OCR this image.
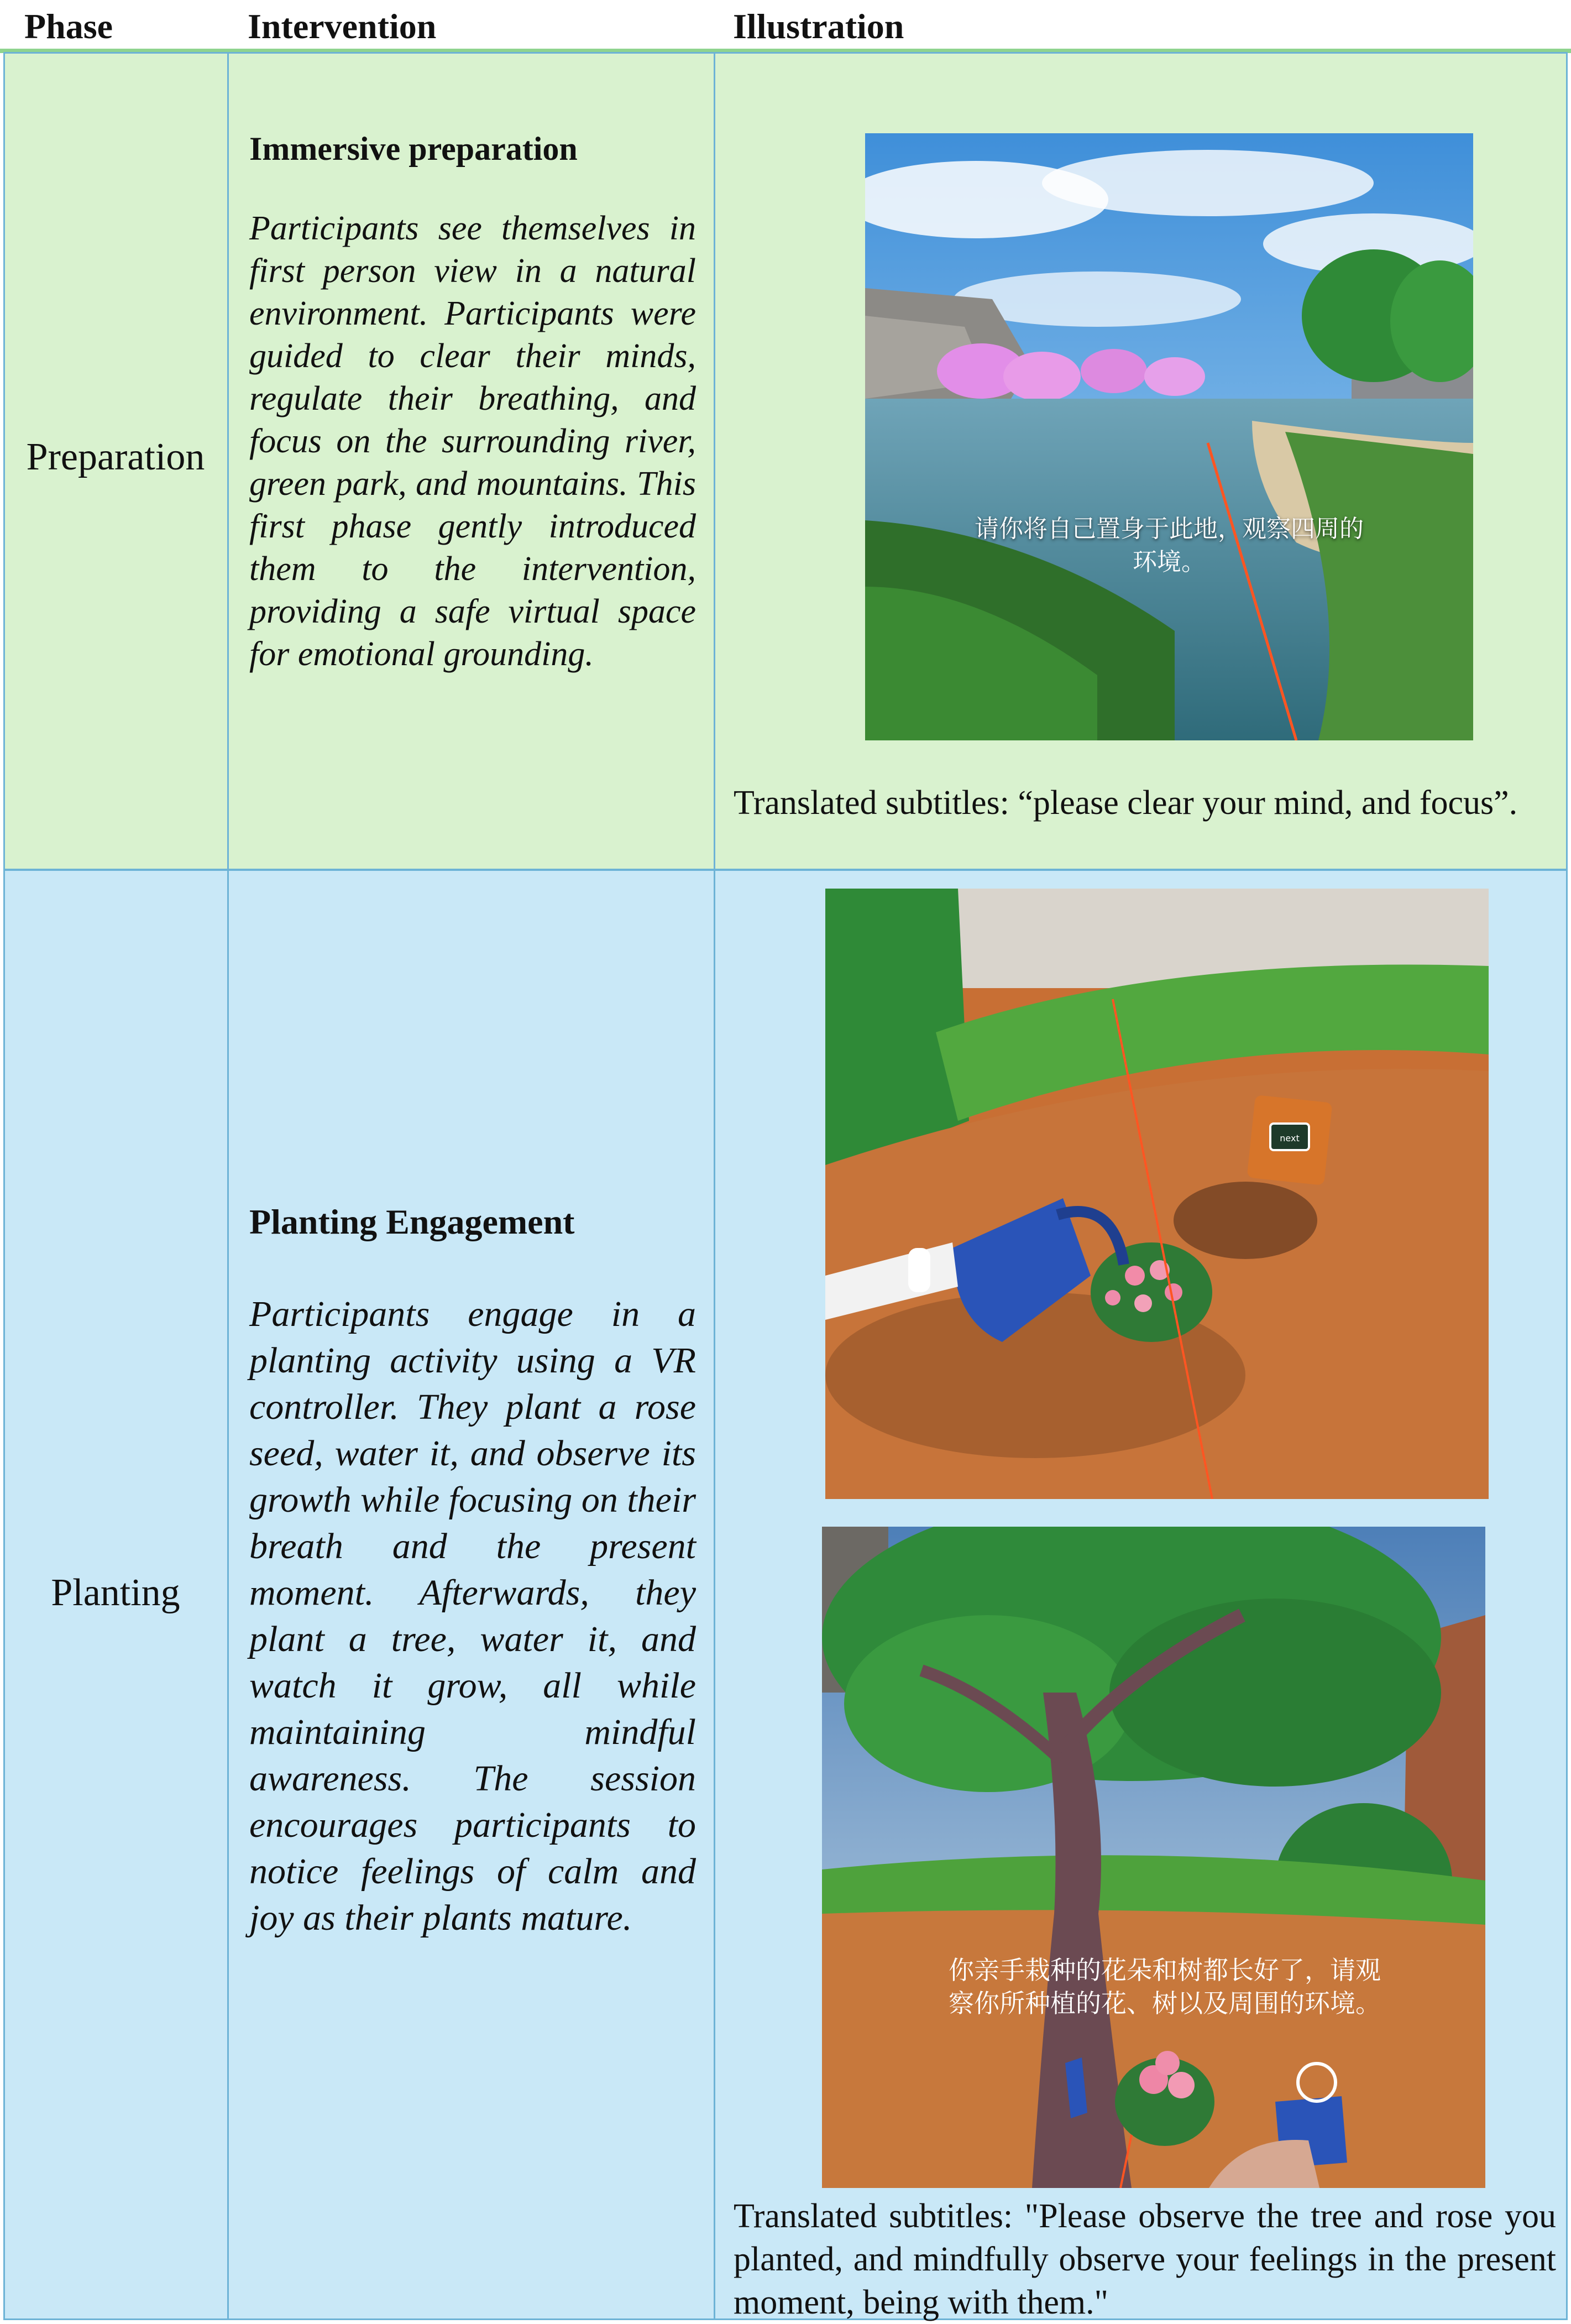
Phase	Intervention	Illustration
Preparation
Immersive preparation
Participants see themselves in first person view in a natural environment. Participants were guided to clear their minds, regulate their breathing, and focus on the surrounding river, green park, and mountains. This first phase gently introduced them to the intervention, providing a safe virtual space for emotional grounding.
请你将自己置身于此地，观察四周的
环境。
Translated subtitles: “please clear your mind, and focus”.
Planting
Planting Engagement
Participants engage in a planting activity using a VR controller. They plant a rose seed, water it, and observe its growth while focusing on their breath and the present moment. Afterwards, they plant a tree, water it, and watch it grow, all while maintaining mindful awareness. The session encourages participants to notice feelings of calm and joy as their plants mature.
next
你亲手栽种的花朵和树都长好了，请观
察你所种植的花、树以及周围的环境。
Translated subtitles: "Please observe the tree and rose you planted, and mindfully observe your feelings in the present moment, being with them."
